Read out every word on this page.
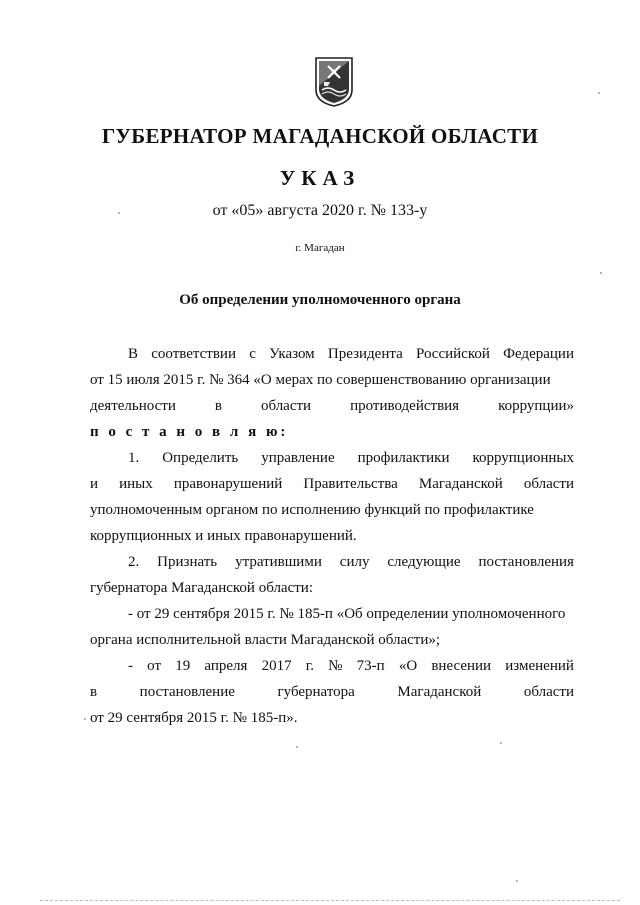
ГУБЕРНАТОР МАГАДАНСКОЙ ОБЛАСТИ
УКАЗ
от «05» августа 2020 г. № 133-у
г. Магадан
Об определении уполномоченного органа
В соответствии с Указом Президента Российской Федерации
от 15 июля 2015 г. № 364 «О мерах по совершенствованию организации
деятельности	в	области	противодействия	коррупции»
п о с т а н о в л я ю:
1. Определить управление профилактики коррупционных
и иных правонарушений Правительства Магаданской области
уполномоченным органом по исполнению функций по профилактике
коррупционных и иных правонарушений.
2. Признать утратившими силу следующие постановления
губернатора Магаданской области:
- от 29 сентября 2015 г. № 185-п «Об определении уполномоченного
органа исполнительной власти Магаданской области»;
- от 19 апреля 2017 г. № 73-п «О внесении изменений
в	постановление	губернатора	Магаданской	области
от 29 сентября 2015 г. № 185-п».
